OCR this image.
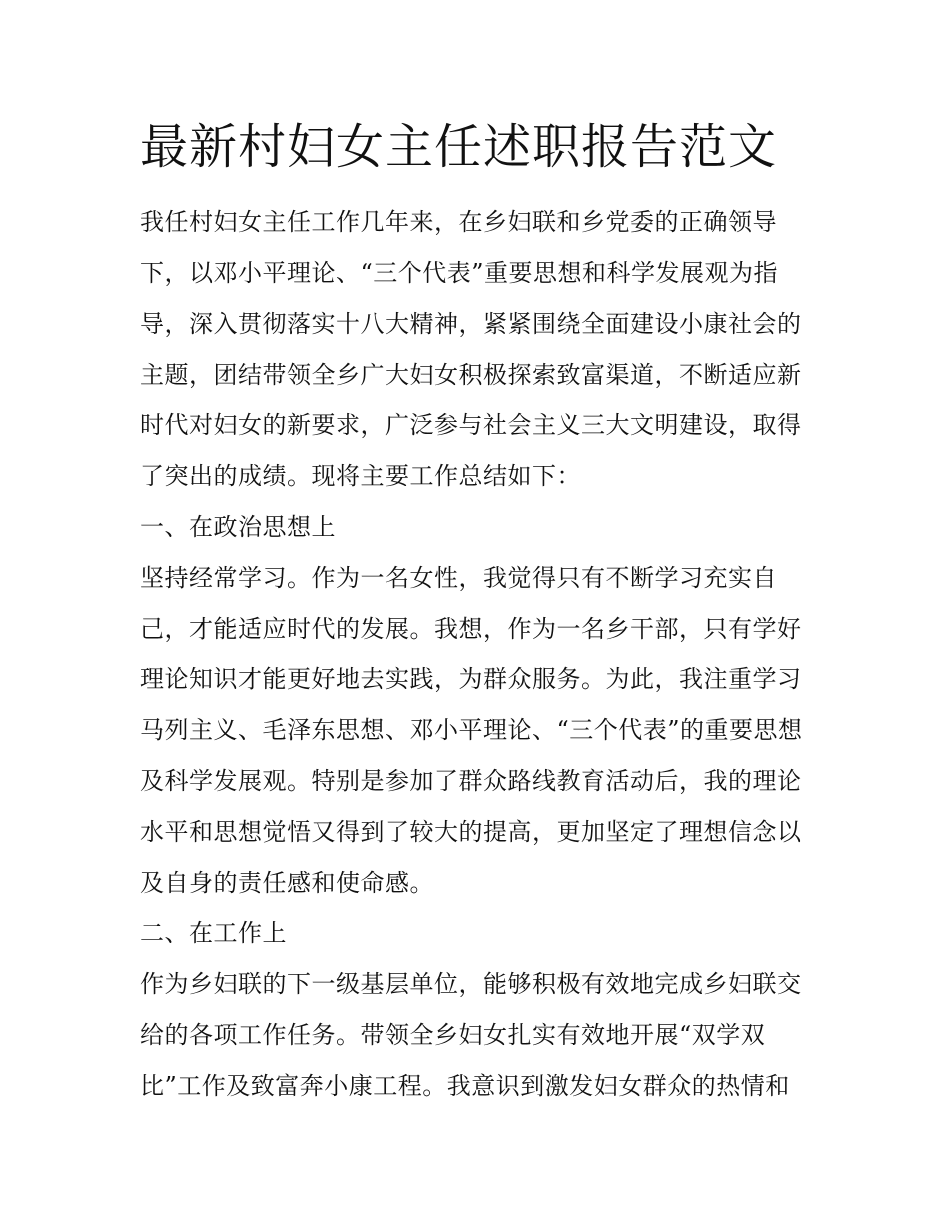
最新村妇女主任述职报告范文
我任村妇女主任工作几年来，在乡妇联和乡党委的正确领导
下，以邓小平理论、“三个代表”重要思想和科学发展观为指
导，深入贯彻落实十八大精神，紧紧围绕全面建设小康社会的
主题，团结带领全乡广大妇女积极探索致富渠道，不断适应新
时代对妇女的新要求，广泛参与社会主义三大文明建设，取得
了突出的成绩。现将主要工作总结如下：
一、在政治思想上
坚持经常学习。作为一名女性，我觉得只有不断学习充实自
己，才能适应时代的发展。我想，作为一名乡干部，只有学好
理论知识才能更好地去实践，为群众服务。为此，我注重学习
马列主义、毛泽东思想、邓小平理论、“三个代表”的重要思想
及科学发展观。特别是参加了群众路线教育活动后，我的理论
水平和思想觉悟又得到了较大的提高，更加坚定了理想信念以
及自身的责任感和使命感。
二、在工作上
作为乡妇联的下一级基层单位，能够积极有效地完成乡妇联交
给的各项工作任务。带领全乡妇女扎实有效地开展“双学双
比”工作及致富奔小康工程。我意识到激发妇女群众的热情和
